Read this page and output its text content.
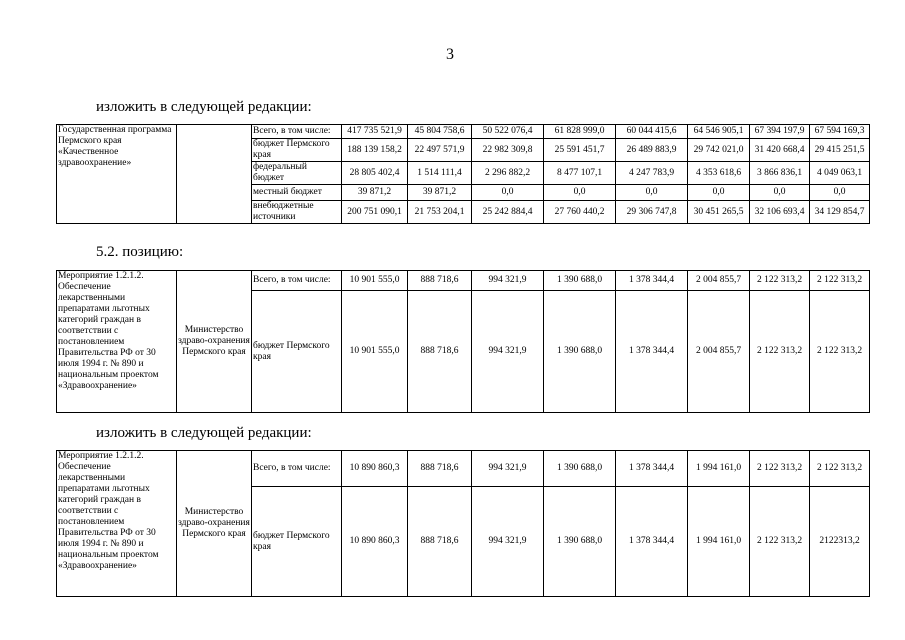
3
изложить в следующей редакции:
5.2. позицию:
изложить в следующей редакции:
Государственная программа Пермского края «Качественное здравоохранение»		Всего, в том числе:	417 735 521,9	45 804 758,6	50 522 076,4	61 828 999,0	60 044 415,6	64 546 905,1	67 394 197,9	67 594 169,3
		бюджет Пермского края	188 139 158,2	22 497 571,9	22 982 309,8	25 591 451,7	26 489 883,9	29 742 021,0	31 420 668,4	29 415 251,5
		федеральный бюджет	28 805 402,4	1 514 111,4	2 296 882,2	8 477 107,1	4 247 783,9	4 353 618,6	3 866 836,1	4 049 063,1
		местный бюджет	39 871,2	39 871,2	0,0	0,0	0,0	0,0	0,0	0,0
		внебюджетные источники	200 751 090,1	21 753 204,1	25 242 884,4	27 760 440,2	29 306 747,8	30 451 265,5	32 106 693,4	34 129 854,7
Мероприятие 1.2.1.2. Обеспечение лекарственными препаратами льготных категорий граждан в соответствии с постановлением Правительства РФ от 30 июля 1994 г. № 890 и национальным проектом «Здравоохранение»	Министерство здраво-охранения Пермского края	Всего, в том числе:	10 901 555,0	888 718,6	994 321,9	1 390 688,0	1 378 344,4	2 004 855,7	2 122 313,2	2 122 313,2
		бюджет Пермского края	10 901 555,0	888 718,6	994 321,9	1 390 688,0	1 378 344,4	2 004 855,7	2 122 313,2	2 122 313,2
Мероприятие 1.2.1.2. Обеспечение лекарственными препаратами льготных категорий граждан в соответствии с постановлением Правительства РФ от 30 июля 1994 г. № 890 и национальным проектом «Здравоохранение»	Министерство здраво-охранения Пермского края	Всего, в том числе:	10 890 860,3	888 718,6	994 321,9	1 390 688,0	1 378 344,4	1 994 161,0	2 122 313,2	2 122 313,2
		бюджет Пермского края	10 890 860,3	888 718,6	994 321,9	1 390 688,0	1 378 344,4	1 994 161,0	2 122 313,2	2122313,2
